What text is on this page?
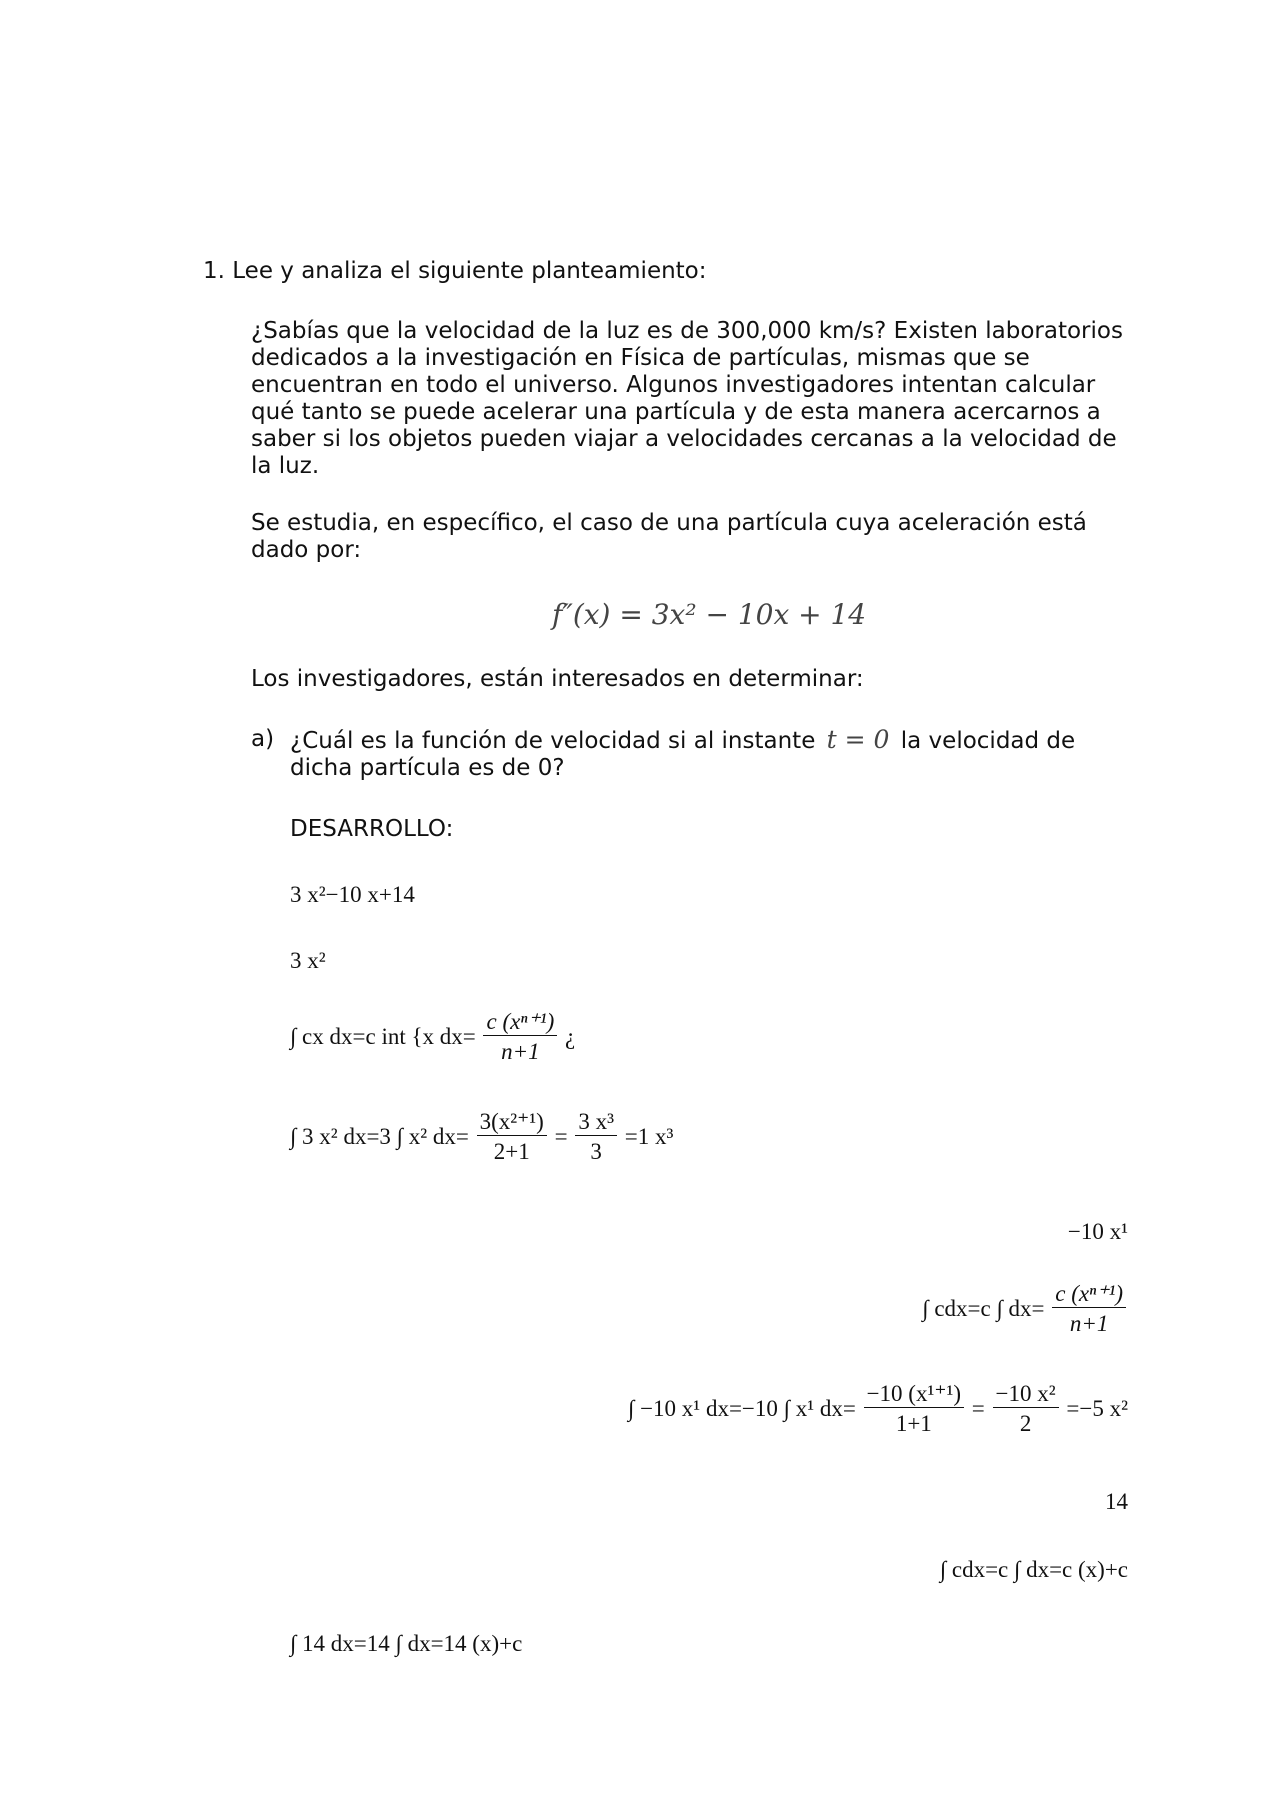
1. Lee y analiza el siguiente planteamiento:
¿Sabías que la velocidad de la luz es de 300,000 km/s? Existen laboratorios dedicados a la investigación en Física de partículas, mismas que se encuentran en todo el universo. Algunos investigadores intentan calcular qué tanto se puede acelerar una partícula y de esta manera acercarnos a saber si los objetos pueden viajar a velocidades cercanas a la velocidad de la luz.
Se estudia, en específico, el caso de una partícula cuya aceleración está dado por:
f″(x) = 3x² − 10x + 14
Los investigadores, están interesados en determinar:
a) ¿Cuál es la función de velocidad si al instante t = 0 la velocidad de dicha partícula es de 0?
DESARROLLO:
3 x²−10 x+14
3 x²
∫ cx dx=c int {x $dx= \frac{\text{c (xⁿ⁺¹)}}{n+1}$ ¿
∫ 3 x² dx=3 ∫ x² $dx= \frac{\text{3(x²⁺¹)}}{2+1} = \frac{\text{3 x³}}{3} =1$ x³
−10 x¹
∫ cdx=c ∫ $dx= \frac{\text{c (xⁿ⁺¹)}}{n+1}$
∫ −10 x¹ dx=−10 ∫ x¹ $dx= \frac{\text{−10 (x¹⁺¹)}}{1+1} = \frac{\text{−10 x²}}{2} =-5$ x²
14
∫ cdx=c ∫ dx=c (x)+c
∫ 14 dx=14 ∫ dx=14 (x)+c
